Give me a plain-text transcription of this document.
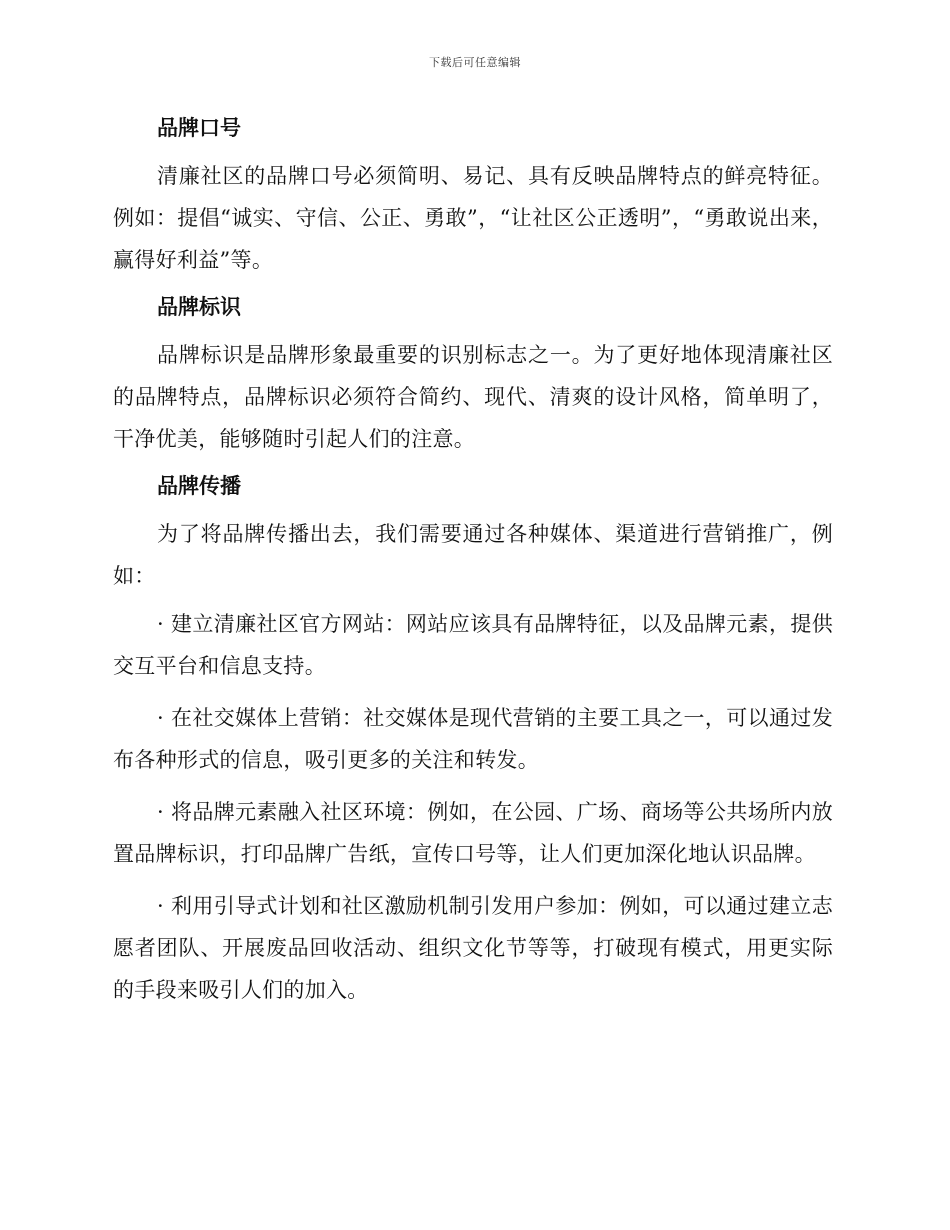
下载后可任意编辑
品牌口号

清廉社区的品牌口号必须简明、易记、具有反映品牌特点的鲜亮特征。例如：提倡“诚实、守信、公正、勇敢”，“让社区公正透明”，“勇敢说出来，赢得好利益”等。

品牌标识

品牌标识是品牌形象最重要的识别标志之一。为了更好地体现清廉社区的品牌特点，品牌标识必须符合简约、现代、清爽的设计风格，简单明了，干净优美，能够随时引起人们的注意。

品牌传播

为了将品牌传播出去，我们需要通过各种媒体、渠道进行营销推广，例如：

· 建立清廉社区官方网站：网站应该具有品牌特征，以及品牌元素，提供交互平台和信息支持。

· 在社交媒体上营销：社交媒体是现代营销的主要工具之一，可以通过发布各种形式的信息，吸引更多的关注和转发。

· 将品牌元素融入社区环境：例如，在公园、广场、商场等公共场所内放置品牌标识，打印品牌广告纸，宣传口号等，让人们更加深化地认识品牌。

· 利用引导式计划和社区激励机制引发用户参加：例如，可以通过建立志愿者团队、开展废品回收活动、组织文化节等等，打破现有模式，用更实际的手段来吸引人们的加入。
